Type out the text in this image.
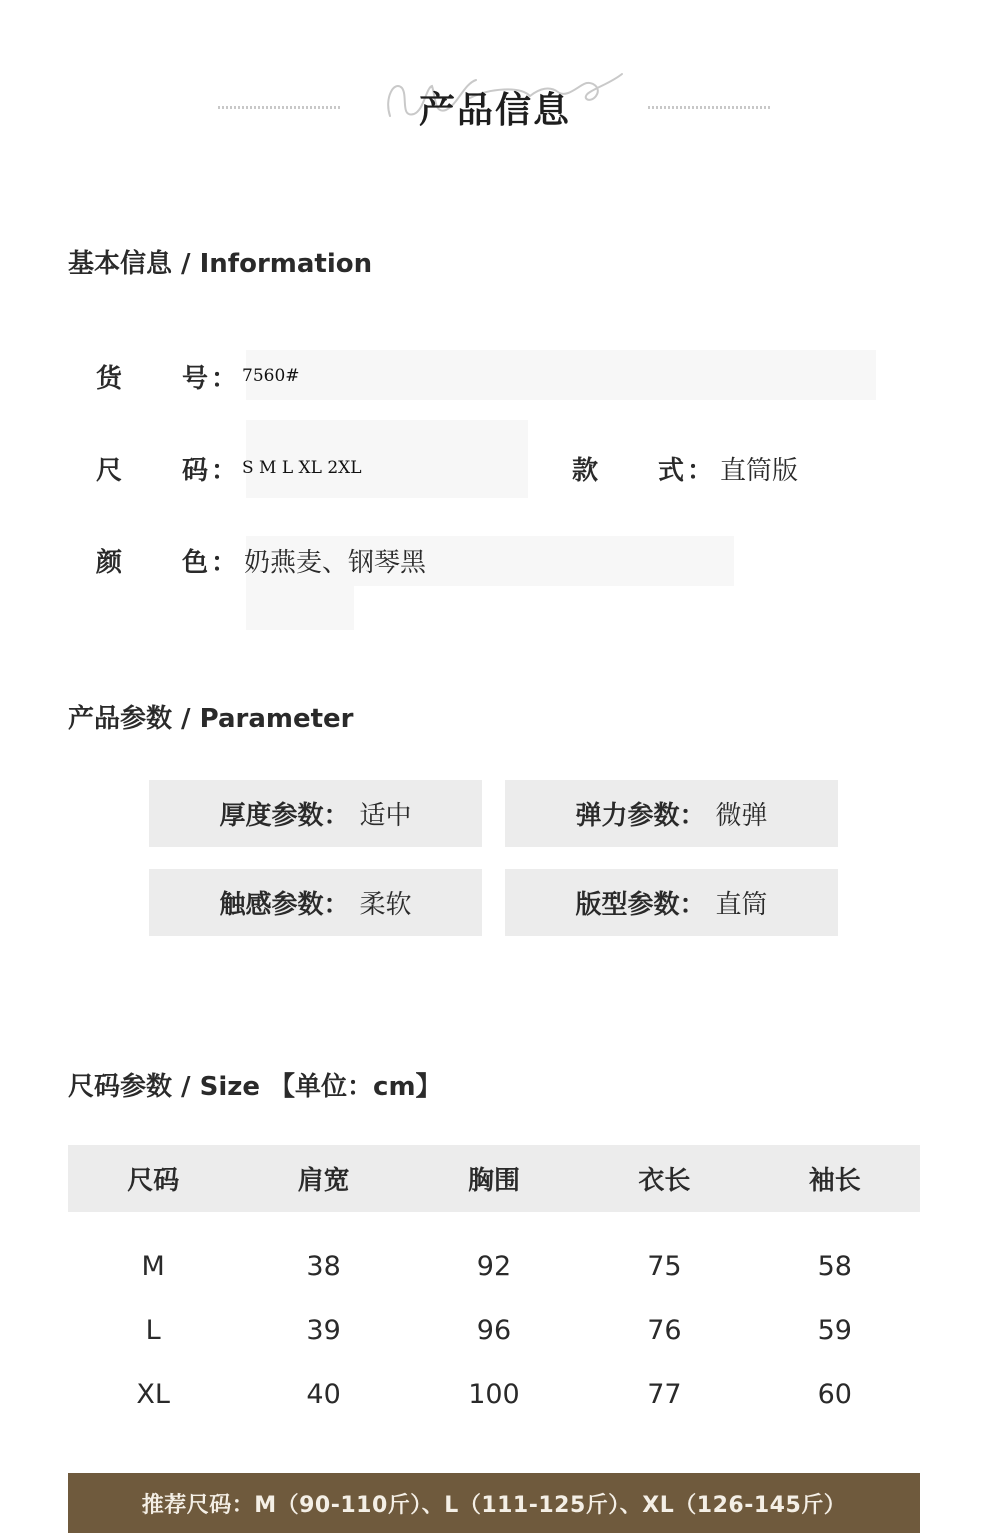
产品信息
基本信息 / Information
货 号 ： 7560#
尺 码 ： S M L XL 2XL	款 式 ： 直筒版
颜 色 ： 奶燕麦、钢琴黑
产品参数 / Parameter
厚度参数： 适中	弹力参数： 微弹
触感参数： 柔软	版型参数： 直筒
尺码参数 / Size 【单位：cm】
尺码	肩宽	胸围	衣长	袖长
M	38	92	75	58
L	39	96	76	59
XL	40	100	77	60
推荐尺码：M（90-110斤）、L（111-125斤）、XL（126-145斤）
